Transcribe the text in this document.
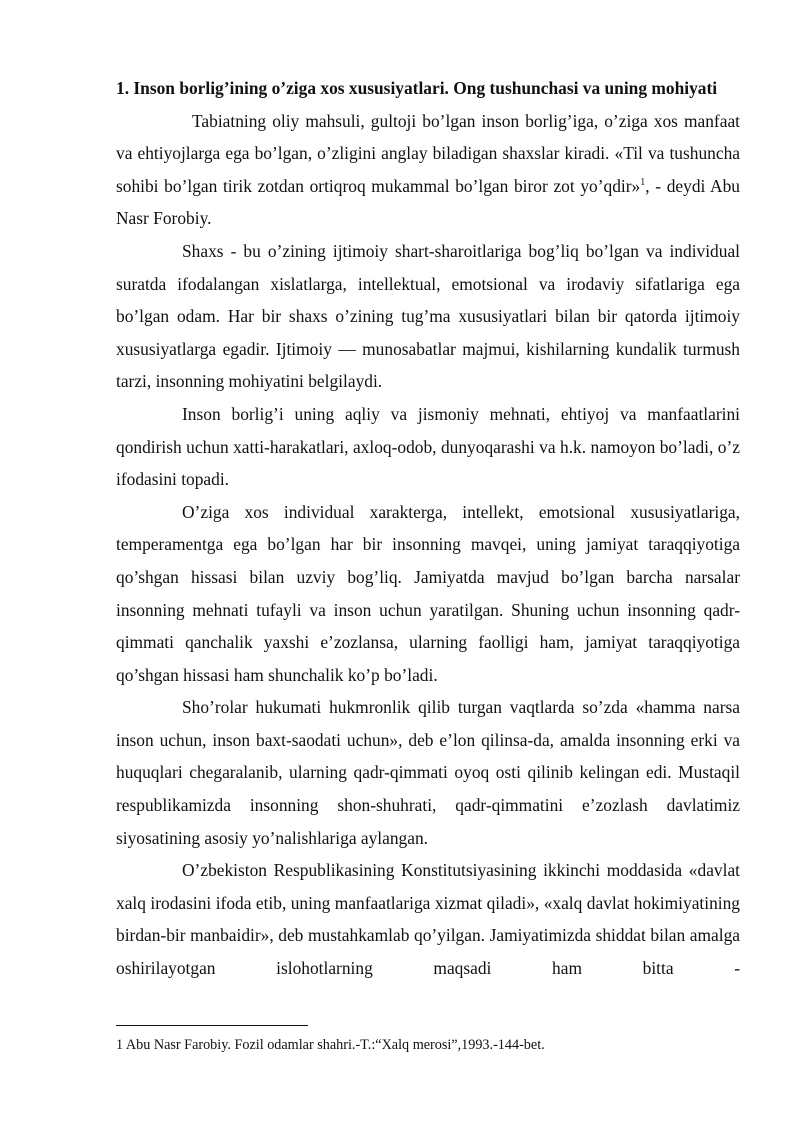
1. Inson borlig’ining o’ziga xos xususiyatlari. Ong tushunchasi va uning mohiyati

Tabiatning oliy mahsuli, gultoji bo’lgan inson borlig’iga, o’ziga xos manfaat va ehtiyojlarga ega bo’lgan, o’zligini anglay biladigan shaxslar kiradi. «Til va tushuncha sohibi bo’lgan tirik zotdan ortiqroq mukammal bo’lgan biror zot yo’qdir»$^1$, - deydi Abu Nasr Forobiy.

Shaxs - bu o’zining ijtimoiy shart-sharoitlariga bog’liq bo’lgan va individual suratda ifodalangan xislatlarga, intellektual, emotsional va irodaviy sifatlariga ega bo’lgan odam. Har bir shaxs o’zining tug’ma xususiyatlari bilan bir qatorda ijtimoiy xususiyatlarga egadir. Ijtimoiy — munosabatlar majmui, kishilarning kundalik turmush tarzi, insonning mohiyatini belgilaydi.

Inson borlig’i uning aqliy va jismoniy mehnati, ehtiyoj va manfaatlarini qondirish uchun xatti-harakatlari, axloq-odob, dunyoqarashi va h.k. namoyon bo’ladi, o’z ifodasini topadi.

O’ziga xos individual xarakterga, intellekt, emotsional xususiyatlariga, temperamentga ega bo’lgan har bir insonning mavqei, uning jamiyat taraqqiyotiga qo’shgan hissasi bilan uzviy bog’liq. Jamiyatda mavjud bo’lgan barcha narsalar insonning mehnati tufayli va inson uchun yaratilgan. Shuning uchun insonning qadr-qimmati qanchalik yaxshi e’zozlansa, ularning faolligi ham, jamiyat taraqqiyotiga qo’shgan hissasi ham shunchalik ko’p bo’ladi.

Sho’rolar hukumati hukmronlik qilib turgan vaqtlarda so’zda «hamma narsa inson uchun, inson baxt-saodati uchun», deb e’lon qilinsa-da, amalda insonning erki va huquqlari chegaralanib, ularning qadr-qimmati oyoq osti qilinib kelingan edi. Mustaqil respublikamizda insonning shon-shuhrati, qadr-qimmatini e’zozlash davlatimiz siyosatining asosiy yo’nalishlariga aylangan.

O’zbekiston Respublikasining Konstitutsiyasining ikkinchi moddasida «davlat xalq irodasini ifoda etib, uning manfaatlariga xizmat qiladi», «xalq davlat hokimiyatining birdan-bir manbaidir», deb mustahkamlab qo’yilgan. Jamiyatimizda shiddat bilan amalga oshirilayotgan islohotlarning maqsadi ham bitta -

1 Abu Nasr Farobiy. Fozil odamlar shahri.-T.:“Xalq merosi”,1993.-144-bet.
